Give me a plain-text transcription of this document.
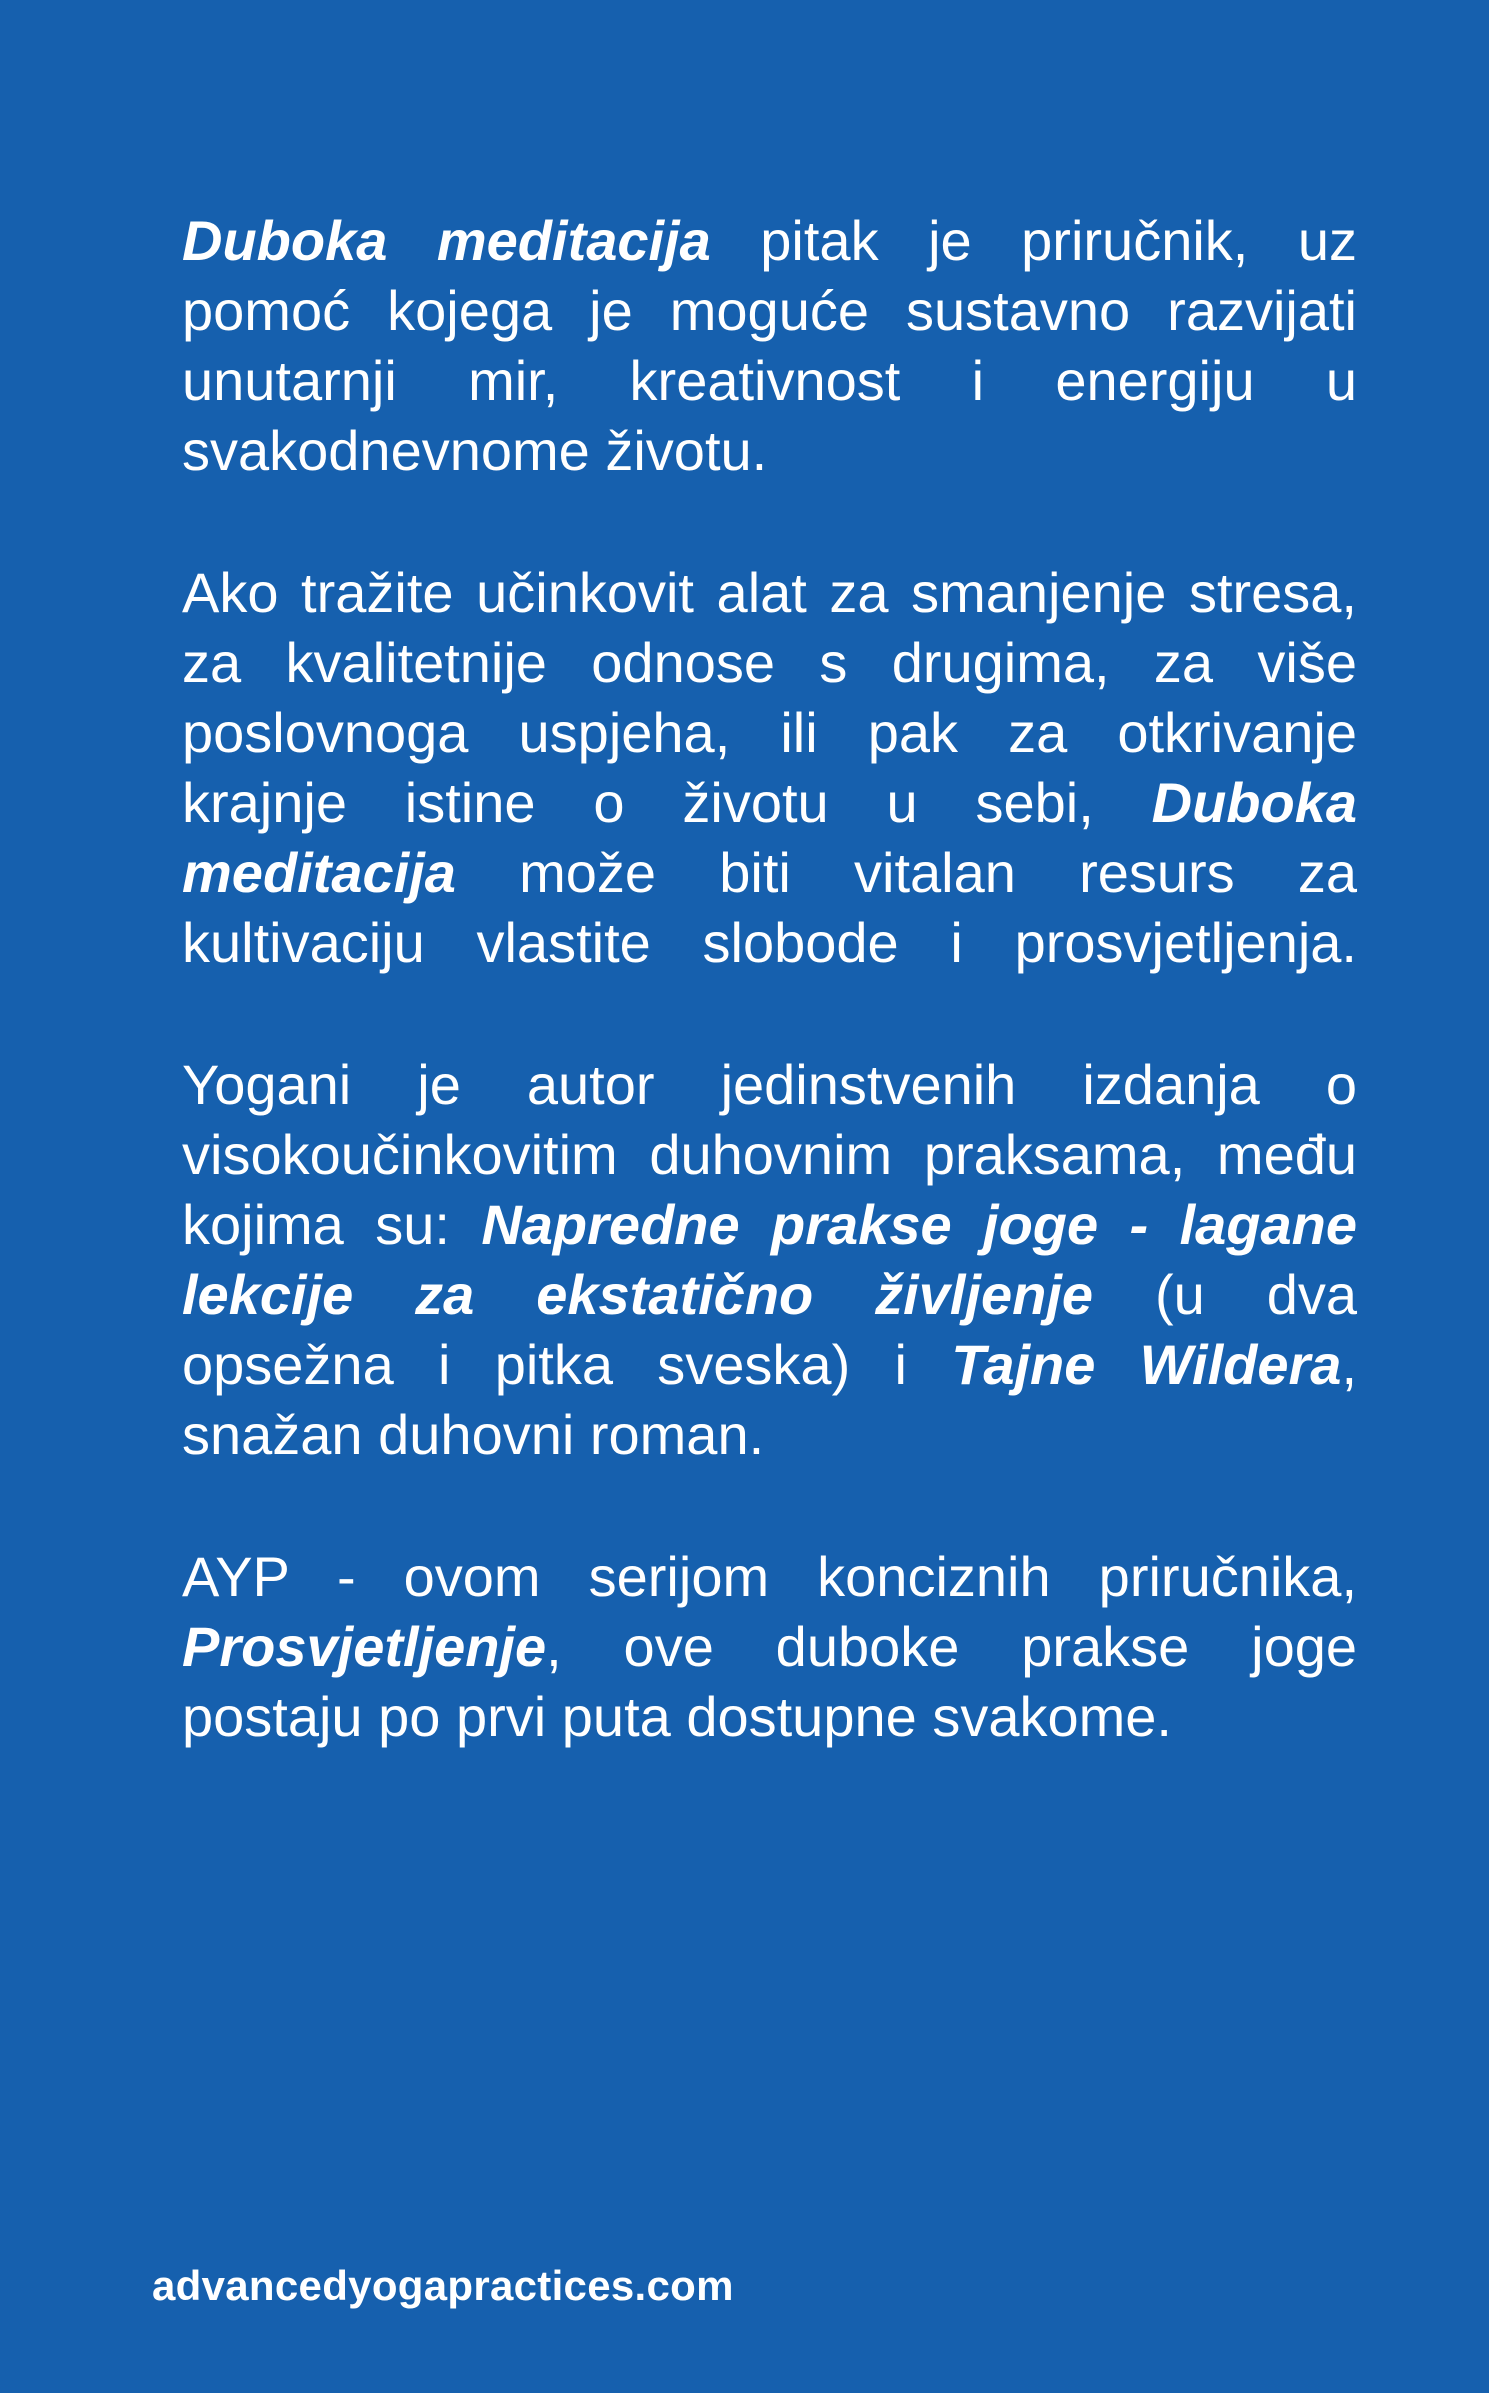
Duboka meditacija pitak je priručnik, uz
pomoć kojega je moguće sustavno razvijati
unutarnji mir, kreativnost i energiju u
svakodnevnome životu.

Ako tražite učinkovit alat za smanjenje stresa,
za kvalitetnije odnose s drugima, za više
poslovnoga uspjeha, ili pak za otkrivanje
krajnje istine o životu u sebi, Duboka
meditacija može biti vitalan resurs za
kultivaciju vlastite slobode i prosvjetljenja.

Yogani je autor jedinstvenih izdanja o
visokoučinkovitim duhovnim praksama, među
kojima su: Napredne prakse joge - lagane
lekcije za ekstatično življenje (u dva
opsežna i pitka sveska) i Tajne Wildera,
snažan duhovni roman.

AYP - ovom serijom konciznih priručnika,
Prosvjetljenje, ove duboke prakse joge
postaju po prvi puta dostupne svakome.

advancedyogapractices.com
